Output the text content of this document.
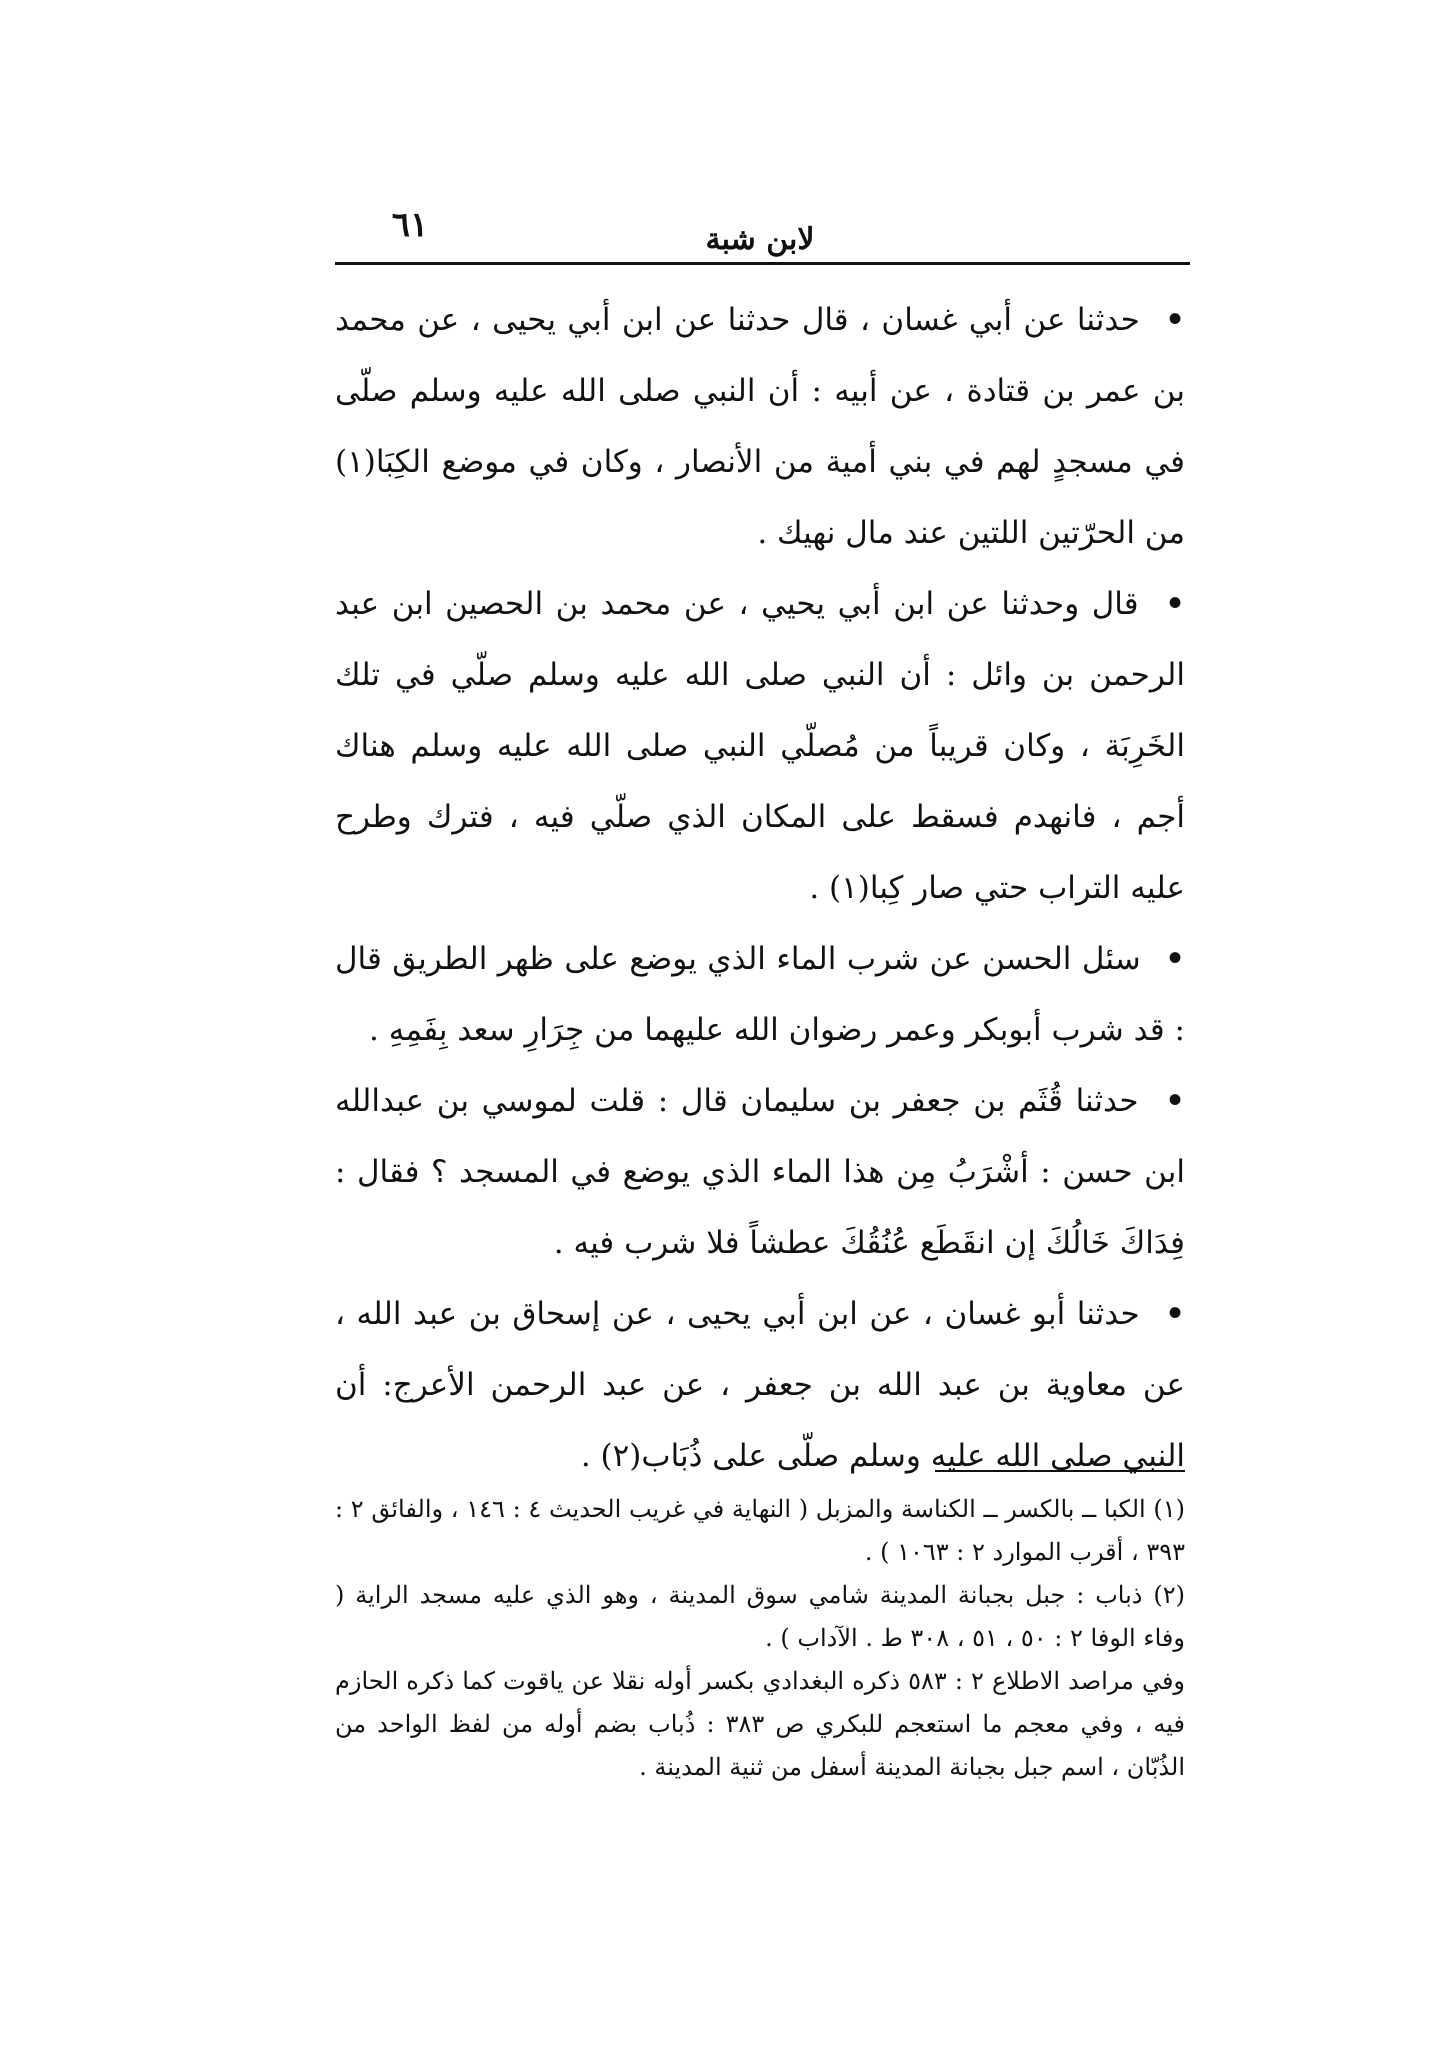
لابن شبة
٦١

• حدثنا عن أبي غسان ، قال حدثنا عن ابن أبي يحيى ، عن محمد بن عمر بن قتادة ، عن أبيه : أن النبي صلى الله عليه وسلم صلّى في مسجدٍ لهم في بني أمية من الأنصار ، وكان في موضع الكِبَا(١) من الحرّتين اللتين عند مال نهيك .

• قال وحدثنا عن ابن أبي يحيي ، عن محمد بن الحصين ابن عبد الرحمن بن وائل : أن النبي صلى الله عليه وسلم صلّي في تلك الخَرِبَة ، وكان قريباً من مُصلّي النبي صلى الله عليه وسلم هناك أجم ، فانهدم فسقط على المكان الذي صلّي فيه ، فترك وطرح عليه التراب حتي صار كِبا(١) .

• سئل الحسن عن شرب الماء الذي يوضع على ظهر الطريق قال : قد شرب أبوبكر وعمر رضوان الله عليهما من جِرَارِ سعد بِفَمِهِ .

• حدثنا قُثَم بن جعفر بن سليمان قال : قلت لموسي بن عبدالله ابن حسن : أشْرَبُ مِن هذا الماء الذي يوضع في المسجد ؟ فقال : فِدَاكَ خَالُكَ إن انقَطَع عُنُقُكَ عطشاً فلا شرب فيه .

• حدثنا أبو غسان ، عن ابن أبي يحيى ، عن إسحاق بن عبد الله ، عن معاوية بن عبد الله بن جعفر ، عن عبد الرحمن الأعرج: أن النبي صلى الله عليه وسلم صلّى على ذُبَاب(٢) .

(١) الكبا ــ بالكسر ــ الكناسة والمزبل ( النهاية في غريب الحديث ٤ : ١٤٦ ، والفائق ٢ : ٣٩٣ ، أقرب الموارد ٢ : ١٠٦٣ ) .

(٢) ذباب : جبل بجبانة المدينة شامي سوق المدينة ، وهو الذي عليه مسجد الراية ( وفاء الوفا ٢ : ٥٠ ، ٥١ ، ٣٠٨ ط . الآداب ) .

وفي مراصد الاطلاع ٢ : ٥٨٣ ذكره البغدادي بكسر أوله نقلا عن ياقوت كما ذكره الحازم فيه ، وفي معجم ما استعجم للبكري ص ٣٨٣ : ذُباب بضم أوله من لفظ الواحد من الذُبّان ، اسم جبل بجبانة المدينة أسفل من ثنية المدينة .
